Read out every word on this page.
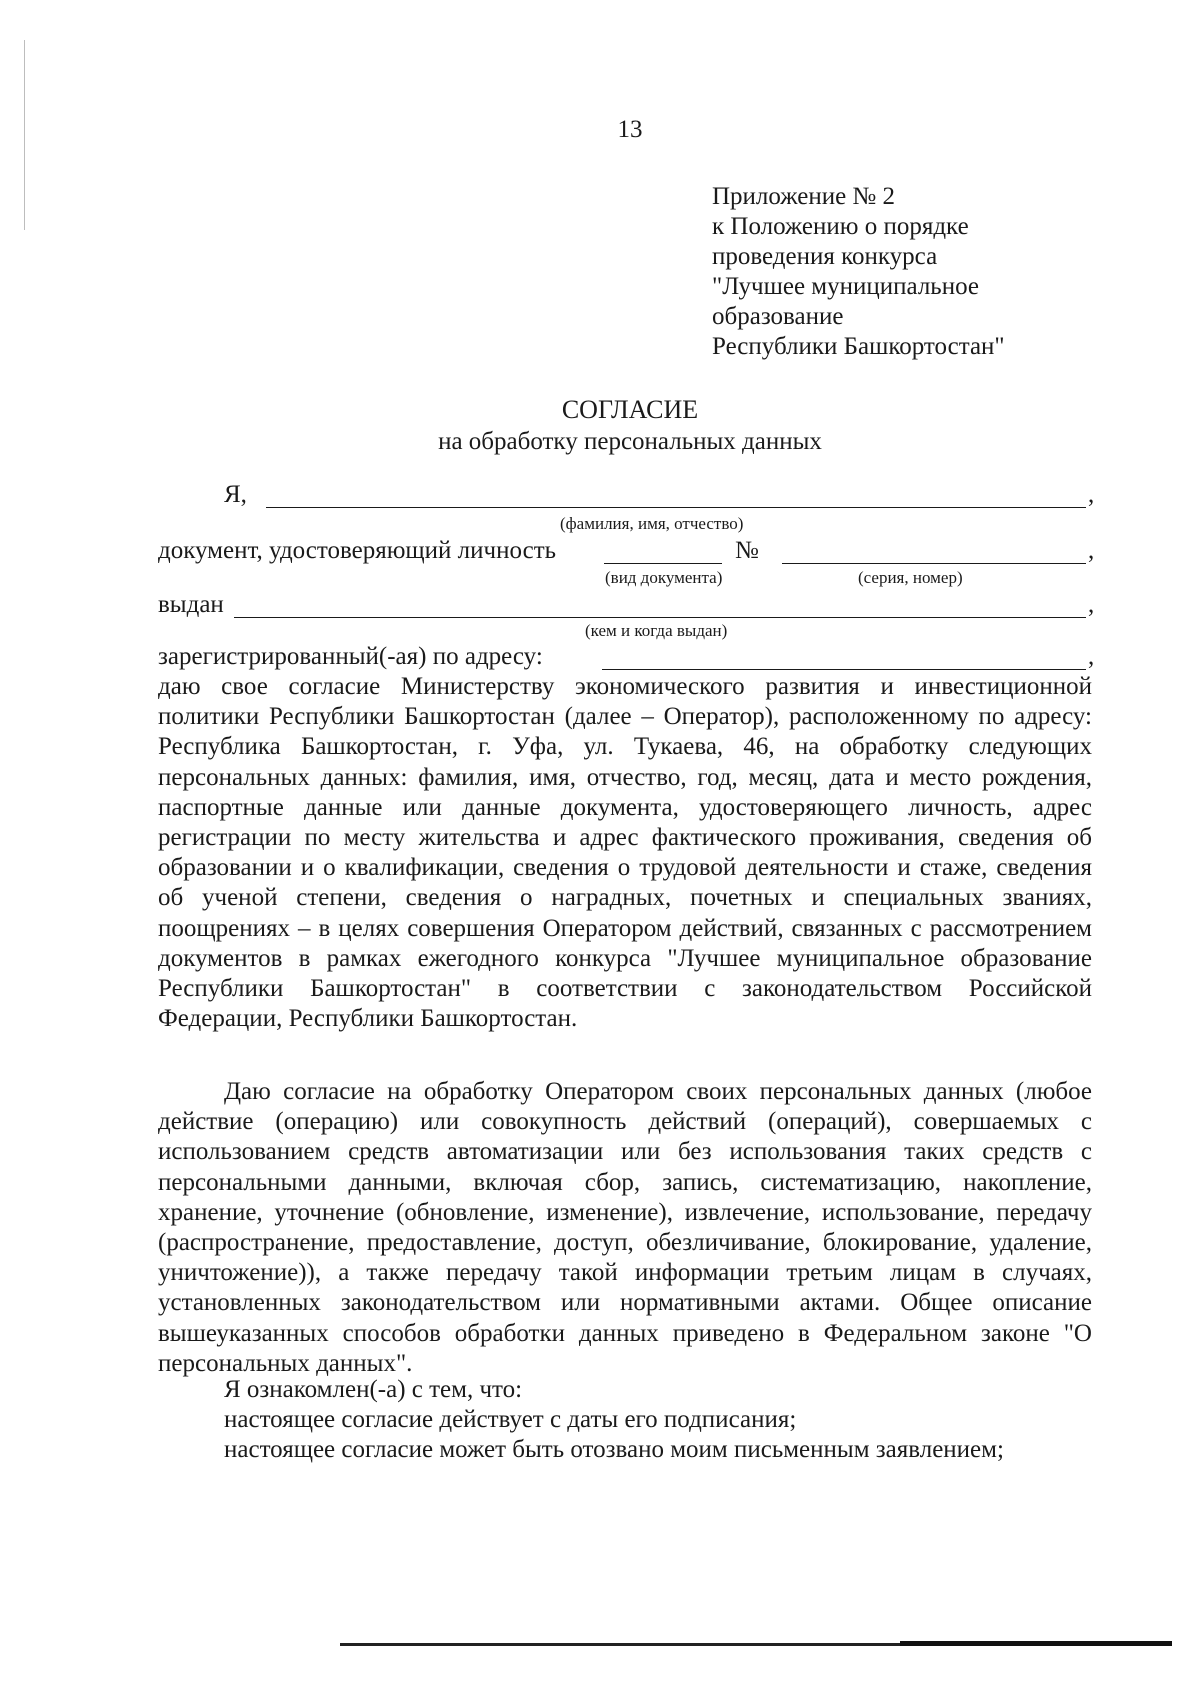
13
Приложение № 2
к Положению о порядке
проведения конкурса
"Лучшее муниципальное
образование
Республики Башкортостан"
СОГЛАСИЕ
на обработку персональных данных
Я,	,
(фамилия, имя, отчество)
документ, удостоверяющий личность	№	,
(вид документа)	(серия, номер)
выдан	,
(кем и когда выдан)
зарегистрированный(-ая) по адресу:	,

даю свое согласие Министерству экономического развития и инвестиционной политики Республики Башкортостан (далее – Оператор), расположенному по адресу: Республика Башкортостан, г. Уфа, ул. Тукаева, 46, на обработку следующих персональных данных: фамилия, имя, отчество, год, месяц, дата и место рождения, паспортные данные или данные документа, удостоверяющего личность, адрес регистрации по месту жительства и адрес фактического проживания, сведения об образовании и о квалификации, сведения о трудовой деятельности и стаже, сведения об ученой степени, сведения о наградных, почетных и специальных званиях, поощрениях – в целях совершения Оператором действий, связанных с рассмотрением документов в рамках ежегодного конкурса "Лучшее муниципальное образование Республики Башкортостан" в соответствии с законодательством Российской Федерации, Республики Башкортостан.

Даю согласие на обработку Оператором своих персональных данных (любое действие (операцию) или совокупность действий (операций), совершаемых с использованием средств автоматизации или без использования таких средств с персональными данными, включая сбор, запись, систематизацию, накопление, хранение, уточнение (обновление, изменение), извлечение, использование, передачу (распространение, предоставление, доступ, обезличивание, блокирование, удаление, уничтожение)), а также передачу такой информации третьим лицам в случаях, установленных законодательством или нормативными актами. Общее описание вышеуказанных способов обработки данных приведено в Федеральном законе "О персональных данных".

Я ознакомлен(-а) с тем, что:
настоящее согласие действует с даты его подписания;
настоящее согласие может быть отозвано моим письменным заявлением;
